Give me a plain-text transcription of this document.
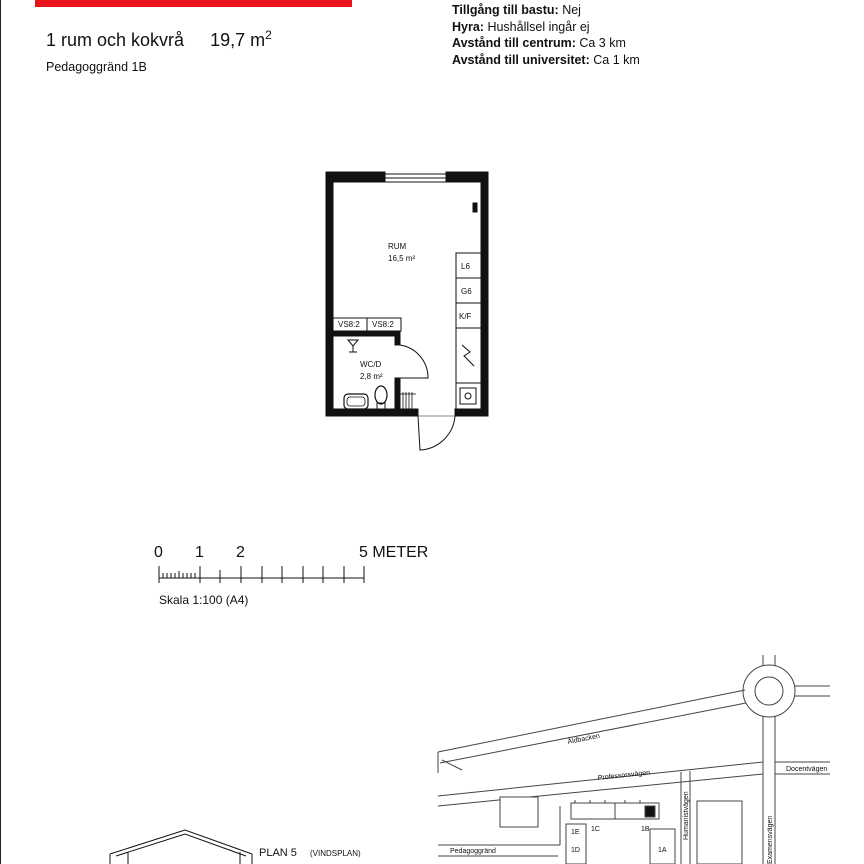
1 rum och kokvrå 19,7 $m^2$
Pedagoggränd 1B
Tillgång till bastu: Nej
Hyra: Hushållsel ingår ej
Avstånd till centrum: Ca 3 km
Avstånd till universitet: Ca 1 km
RUM
16,5 m²
VS8:2 VS8:2
WC/D
2,8 m²
L6
G6
K/F
0 1 2	5 METER
Skala 1:100 (A4)
Åldbacken
Professorsvägen
Docentvägen
Pedagoggränd
Humanistvägen	Examensvägen
1C	1B
1E
1D	1A
PLAN 5 (VINDSPLAN)
